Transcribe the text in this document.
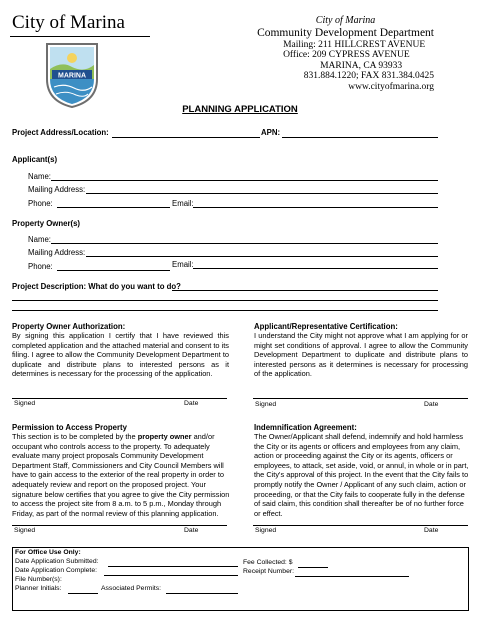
City of Marina	City of Marina
Community Development Department
Mailing: 211 HILLCREST AVENUE
Office: 209 CYPRESS AVENUE
MARINA, CA 93933
831.884.1220; FAX 831.384.0425
www.cityofmarina.org
MARINA
PLANNING APPLICATION
Project Address/Location:	APN:
Applicant(s)
Name:
Mailing Address:
Phone:	Email:
Property Owner(s)
Name:
Mailing Address:
Phone:	Email:
Project Description: What do you want to do?
Property Owner Authorization:
By signing this application I certify that I have reviewed this completed application and the attached material and consent to its filing. I agree to allow the Community Development Department to duplicate and distribute plans to interested persons as it determines is necessary for the processing of the application.
Signed	Date
Applicant/Representative Certification:
I understand the City might not approve what I am applying for or might set conditions of approval. I agree to allow the Community Development Department to duplicate and distribute plans to interested persons as it determines is necessary for processing of the application.
Signed	Date
Permission to Access Property
This section is to be completed by the property owner and/or occupant who controls access to the property. To adequately evaluate many project proposals Community Development Department Staff, Commissioners and City Council Members will have to gain access to the exterior of the real property in order to adequately review and report on the proposed project. Your signature below certifies that you agree to give the City permission to access the project site from 8 a.m. to 5 p.m., Monday through Friday, as part of the normal review of this planning application.
Signed	Date
Indemnification Agreement:
The Owner/Applicant shall defend, indemnify and hold harmless the City or its agents or officers and employees from any claim, action or proceeding against the City or its agents, officers or employees, to attack, set aside, void, or annul, in whole or in part, the City's approval of this project. In the event that the City fails to promptly notify the Owner / Applicant of any such claim, action or proceeding, or that the City fails to cooperate fully in the defense of said claim, this condition shall thereafter be of no further force or effect.
Signed	Date
For Office Use Only:
Date Application Submitted:
Date Application Complete:
File Number(s):
Planner Initials:	Associated Permits:
Fee Collected: $
Receipt Number:
